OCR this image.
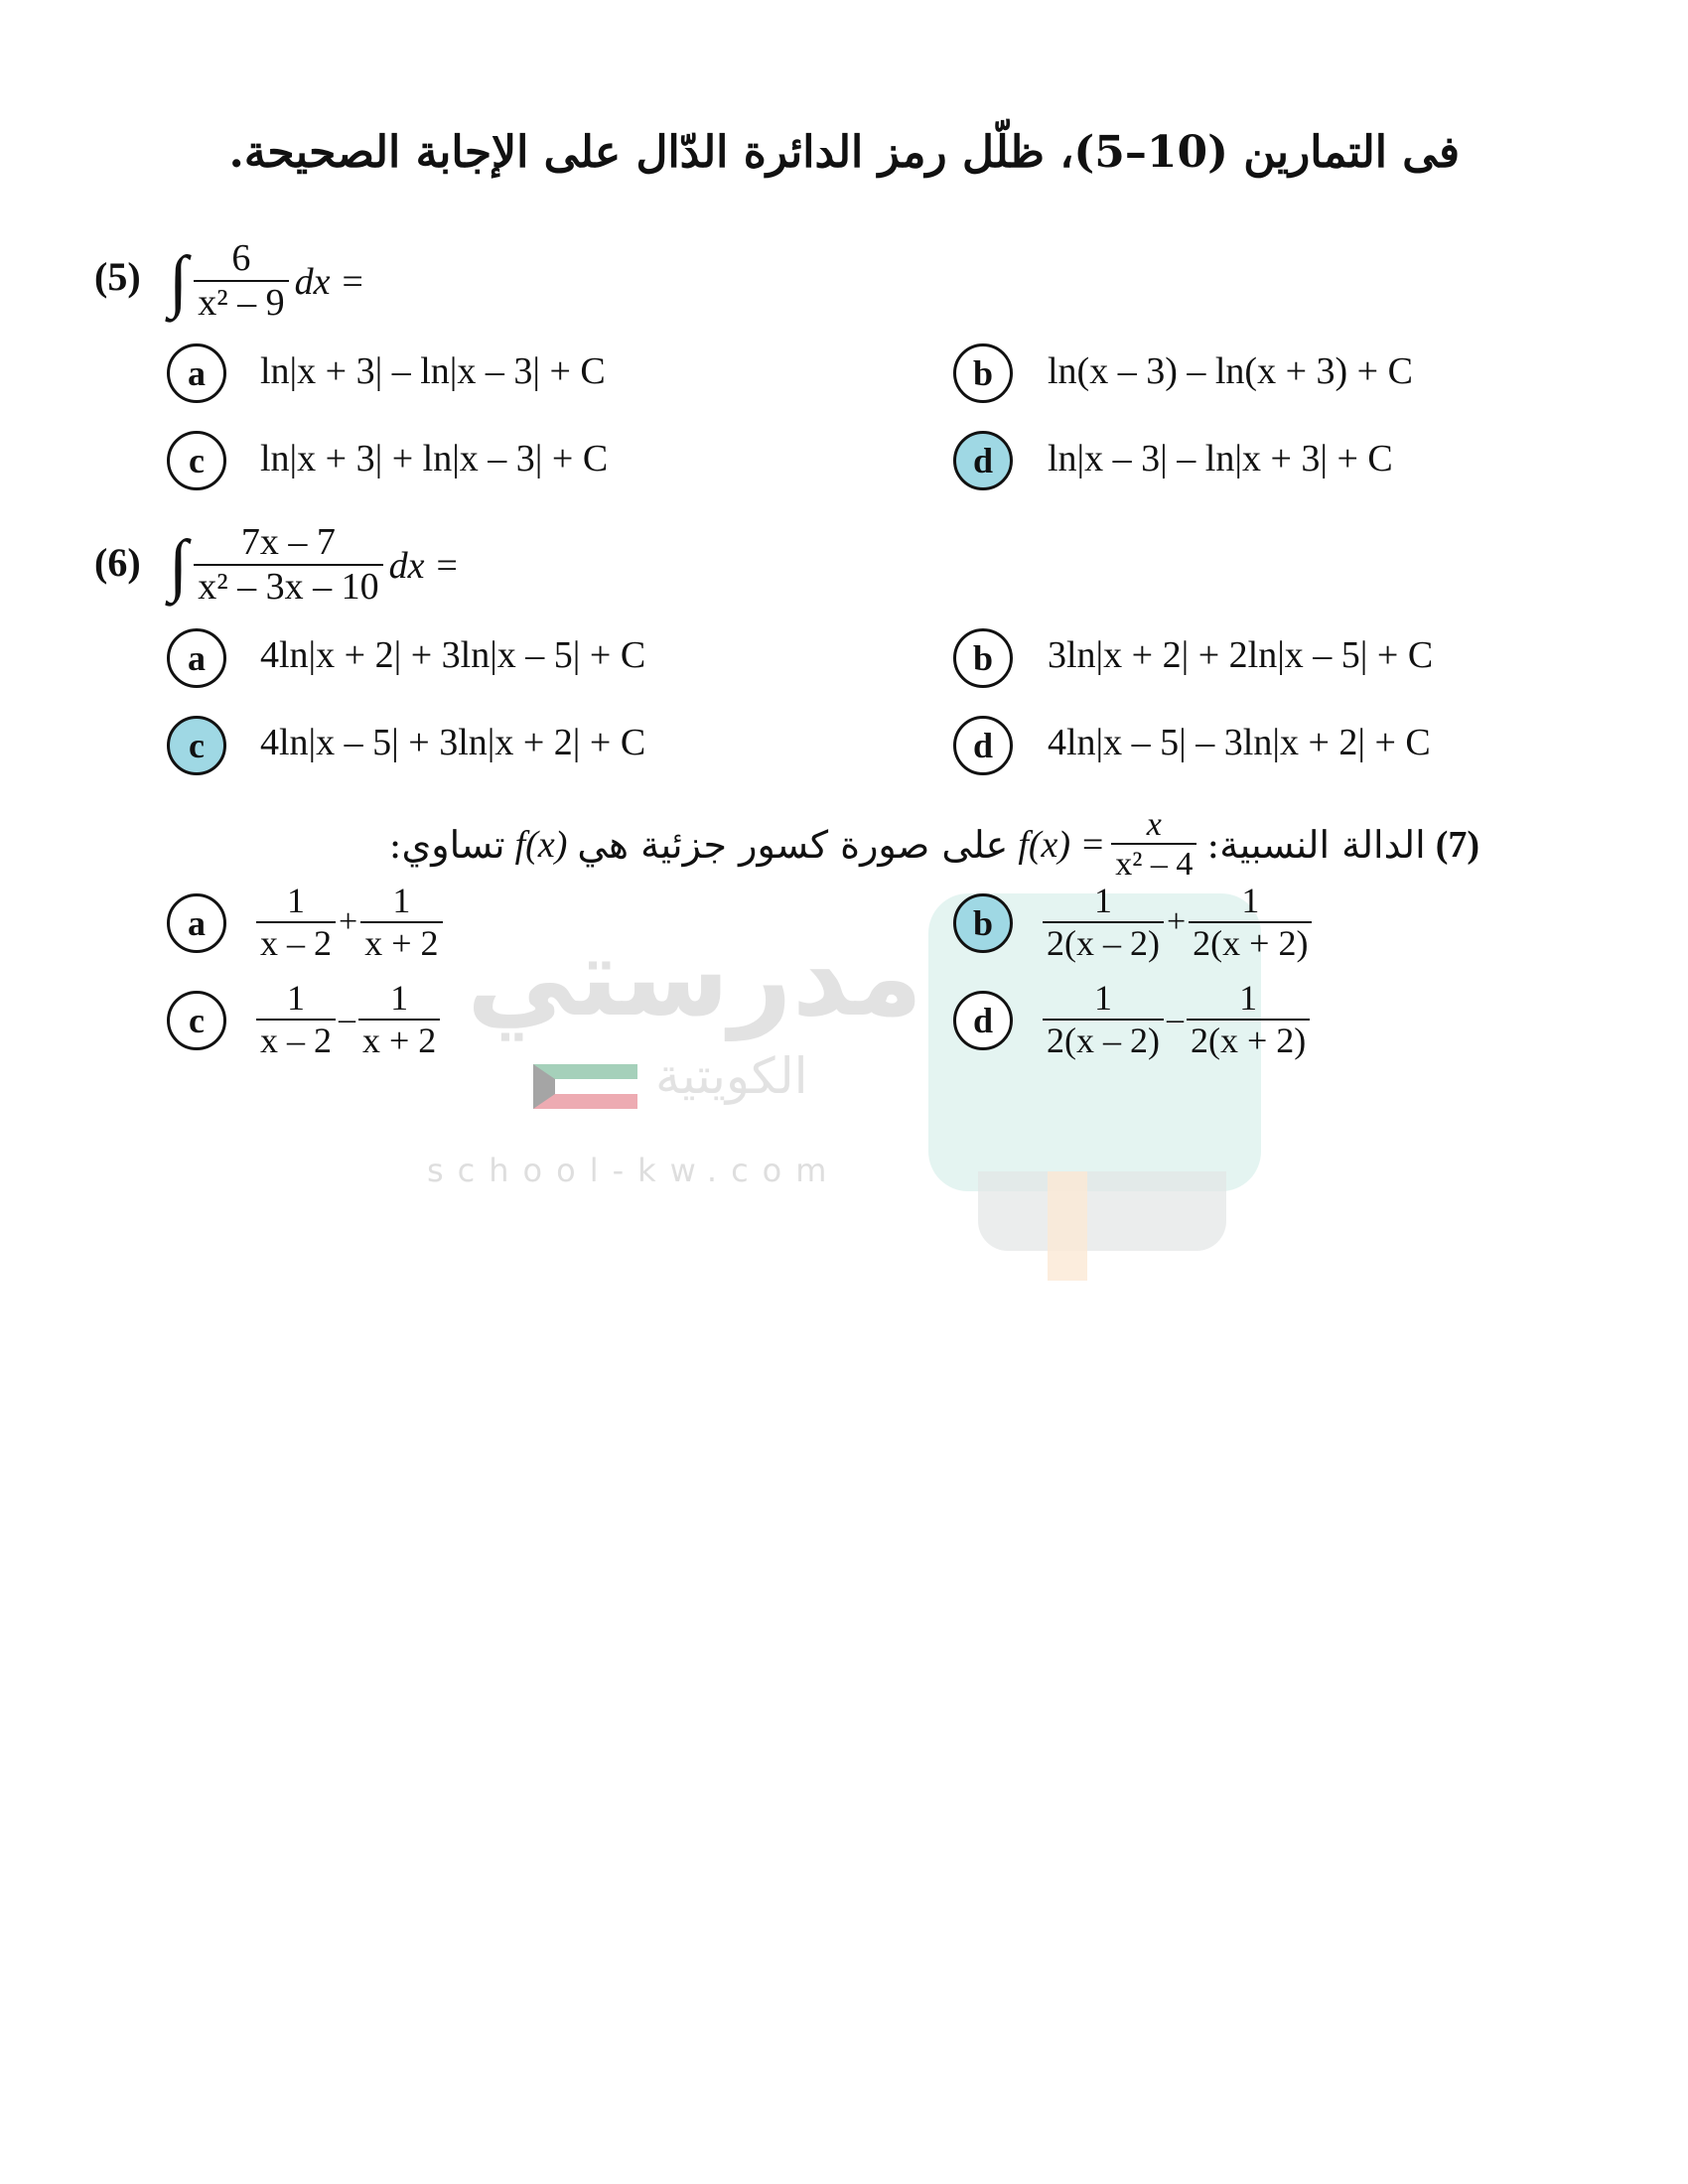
مدرستي
الكويتية
school-kw.com
فى التمارين (10–5)، ظلّل رمز الدائرة الدّال على الإجابة الصحيحة.
(5) ∫ $\frac{6}{\text{x² – 9}}$ dx =
a	ln|x + 3| – ln|x – 3| + C	b	ln(x – 3) – ln(x + 3) + C
c	ln|x + 3| + ln|x – 3| + C	d	ln|x – 3| – ln|x + 3| + C
(6) ∫ $\frac{7x - 7}{\text{x² – 3x – 10}}$ dx =
a	4ln|x + 2| + 3ln|x – 5| + C	b	3ln|x + 2| + 2ln|x – 5| + C
c	4ln|x – 5| + 3ln|x + 2| + C	d	4ln|x – 5| – 3ln|x + 2| + C
(7)
الدالة النسبية:
$f(x) = \frac{x}{\text{x² – 4}}$
على صورة كسور جزئية هي
f(x)
تساوي:
a	$\frac{1}{x - 2} + \frac{1}{x + 2}$	b	$\frac{1}{2(x - 2)} + \frac{1}{2(x + 2)}$
c	$\frac{1}{x - 2} - \frac{1}{x + 2}$	d	$\frac{1}{2(x - 2)} - \frac{1}{2(x + 2)}$
